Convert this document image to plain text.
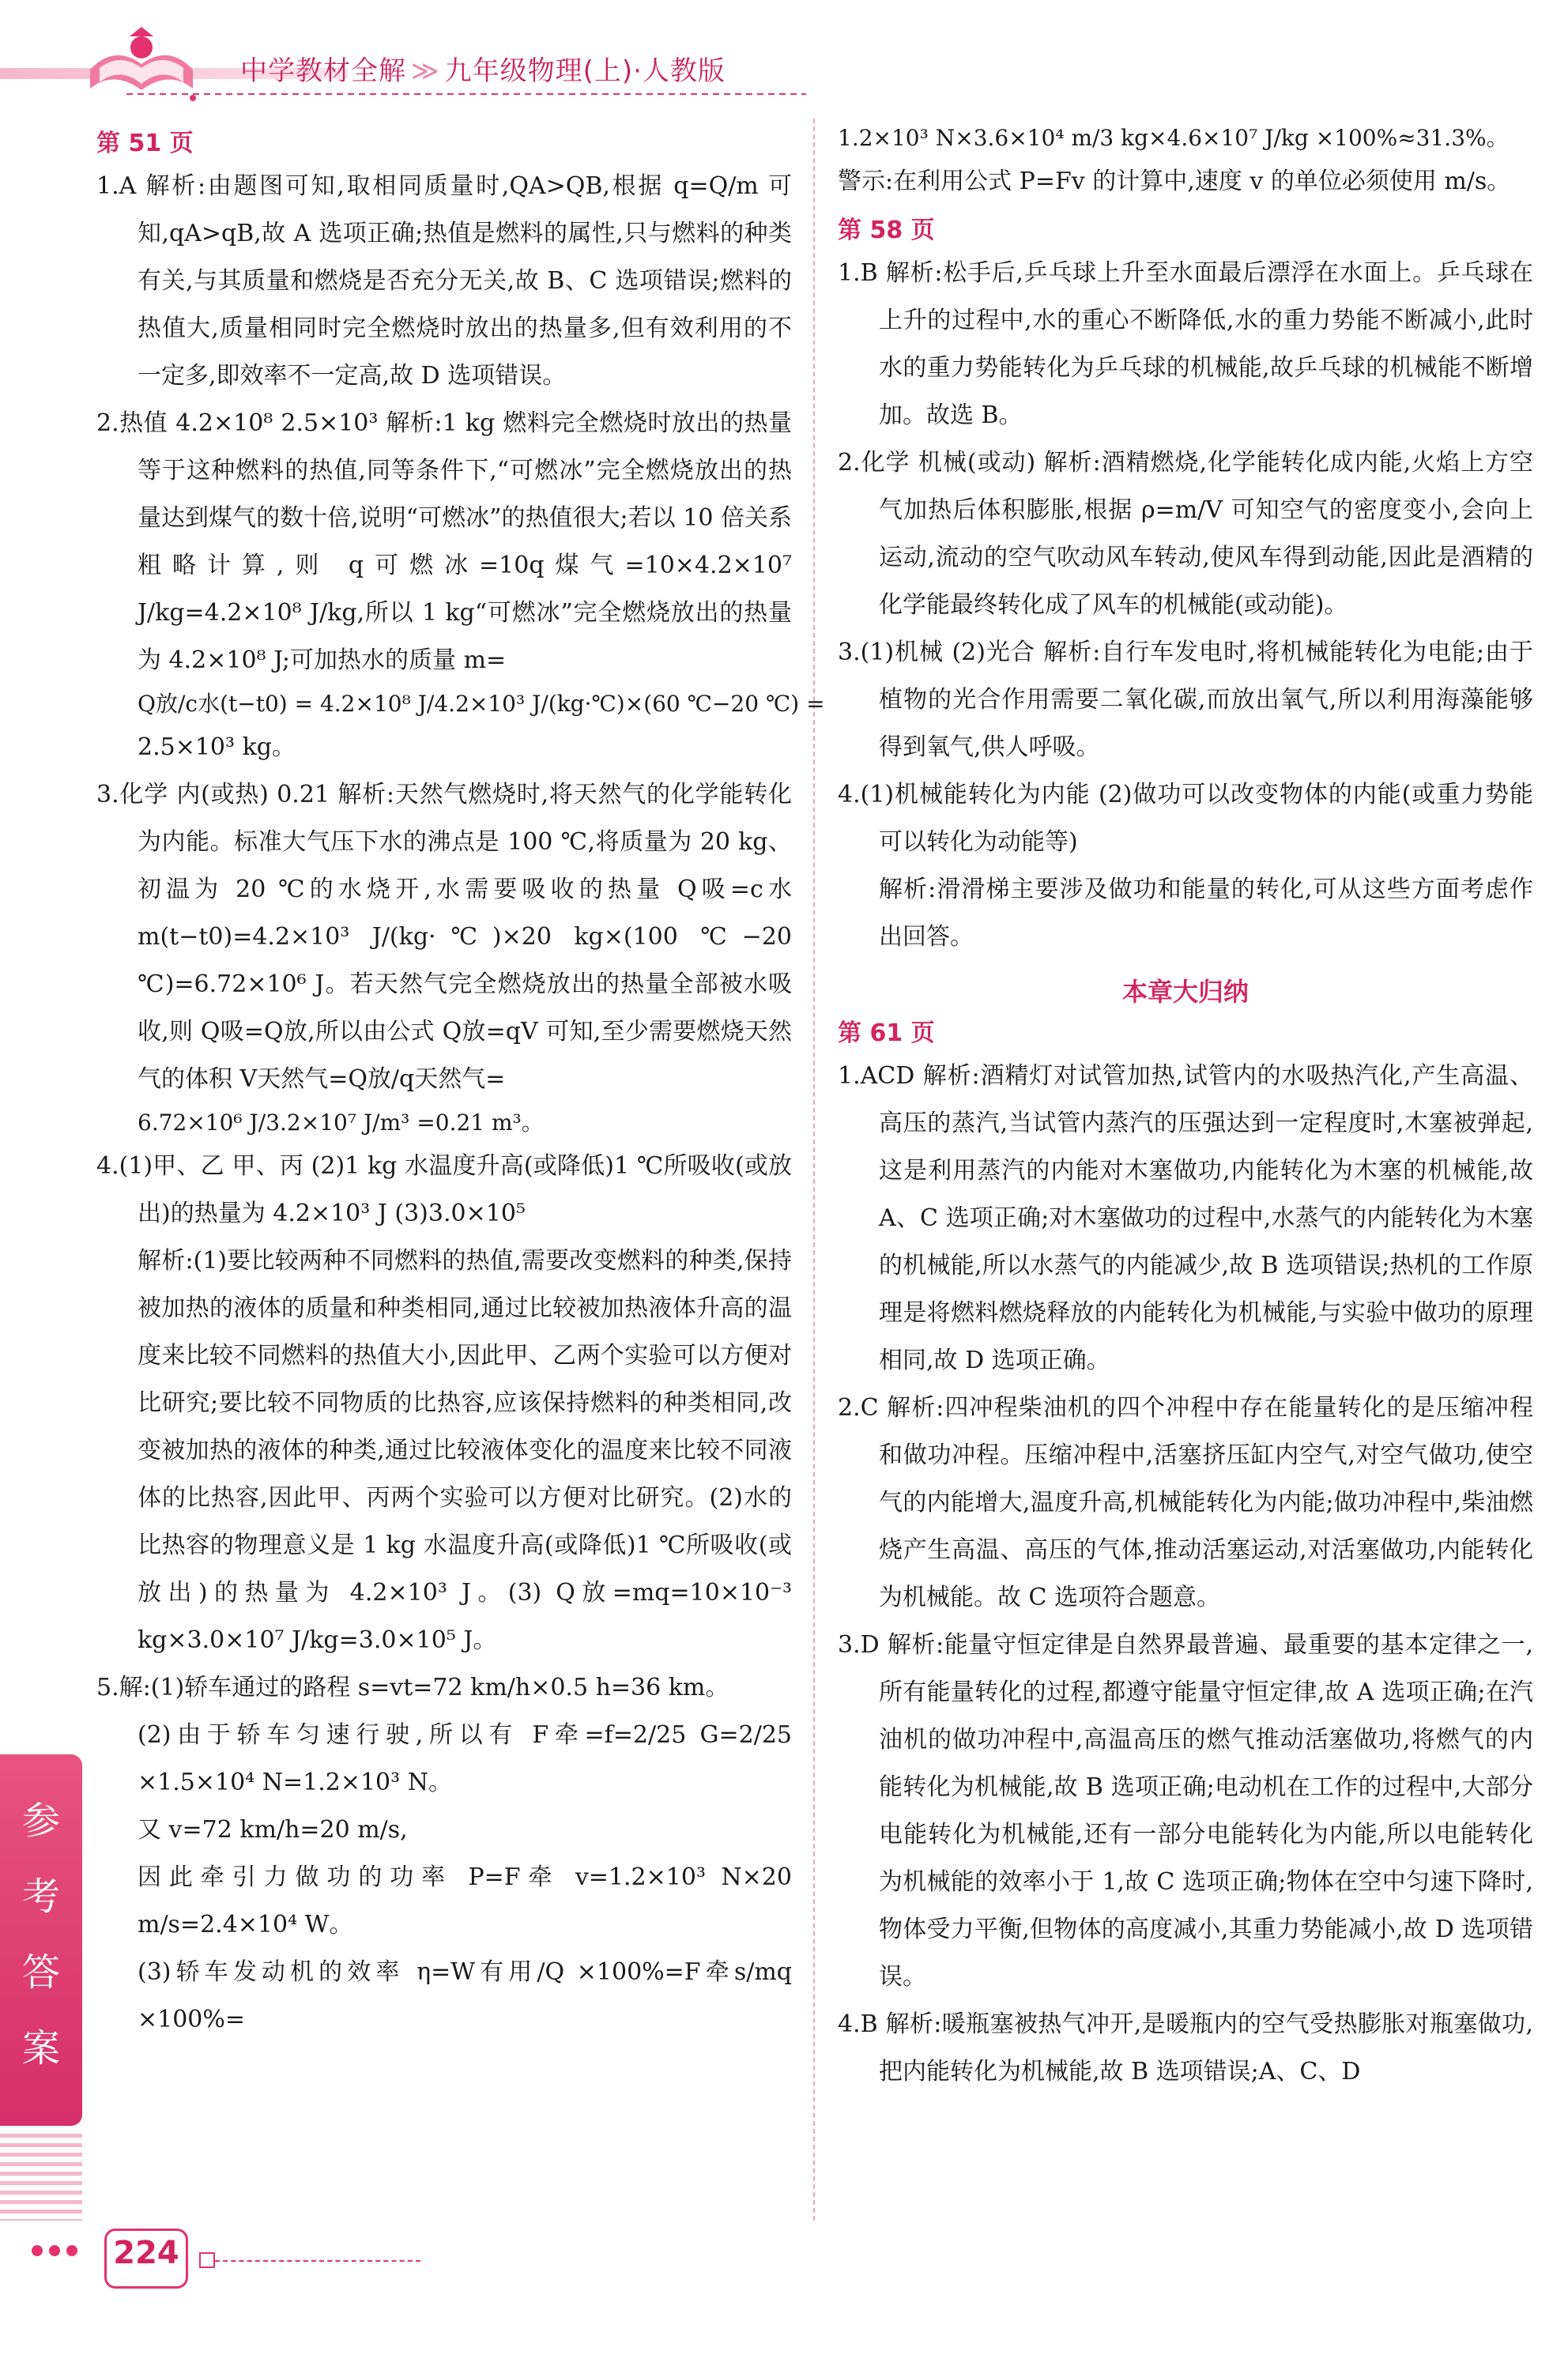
中学教材全解 ≫ 九年级物理(上)·人教版
第 51 页

1.A 解析:由题图可知,取相同质量时,QA>QB,根据 q=Q/m 可知,qA>qB,故 A 选项正确;热值是燃料的属性,只与燃料的种类有关,与其质量和燃烧是否充分无关,故 B、C 选项错误;燃料的热值大,质量相同时完全燃烧时放出的热量多,但有效利用的不一定多,即效率不一定高,故 D 选项错误。

2.热值 4.2×10⁸ 2.5×10³ 解析:1 kg 燃料完全燃烧时放出的热量等于这种燃料的热值,同等条件下,“可燃冰”完全燃烧放出的热量达到煤气的数十倍,说明“可燃冰”的热值很大;若以 10 倍关系粗略计算,则 q可燃冰=10q煤气=10×4.2×10⁷ J/kg=4.2×10⁸ J/kg,所以 1 kg“可燃冰”完全燃烧放出的热量为 4.2×10⁸ J;可加热水的质量 m=

Q放/c水(t−t0) = 4.2×10⁸ J/4.2×10³ J/(kg·℃)×(60 ℃−20 ℃) =

2.5×10³ kg。

3.化学 内(或热) 0.21 解析:天然气燃烧时,将天然气的化学能转化为内能。标准大气压下水的沸点是 100 ℃,将质量为 20 kg、初温为 20 ℃的水烧开,水需要吸收的热量 Q吸=c水 m(t−t0)=4.2×10³ J/(kg·℃)×20 kg×(100 ℃−20 ℃)=6.72×10⁶ J。若天然气完全燃烧放出的热量全部被水吸收,则 Q吸=Q放,所以由公式 Q放=qV 可知,至少需要燃烧天然气的体积 V天然气=Q放/q天然气=

6.72×10⁶ J/3.2×10⁷ J/m³ =0.21 m³。

4.(1)甲、乙 甲、丙 (2)1 kg 水温度升高(或降低)1 ℃所吸收(或放出)的热量为 4.2×10³ J (3)3.0×10⁵

解析:(1)要比较两种不同燃料的热值,需要改变燃料的种类,保持被加热的液体的质量和种类相同,通过比较被加热液体升高的温度来比较不同燃料的热值大小,因此甲、乙两个实验可以方便对比研究;要比较不同物质的比热容,应该保持燃料的种类相同,改变被加热的液体的种类,通过比较液体变化的温度来比较不同液体的比热容,因此甲、丙两个实验可以方便对比研究。(2)水的比热容的物理意义是 1 kg 水温度升高(或降低)1 ℃所吸收(或放出)的热量为 4.2×10³ J。(3) Q放=mq=10×10⁻³ kg×3.0×10⁷ J/kg=3.0×10⁵ J。

5.解:(1)轿车通过的路程 s=vt=72 km/h×0.5 h=36 km。

(2)由于轿车匀速行驶,所以有 F牵=f=2/25 G=2/25 ×1.5×10⁴ N=1.2×10³ N。

又 v=72 km/h=20 m/s,

因此牵引力做功的功率 P=F牵 v=1.2×10³ N×20 m/s=2.4×10⁴ W。

(3)轿车发动机的效率 η=W有用/Q ×100%=F牵s/mq ×100%=

1.2×10³ N×3.6×10⁴ m/3 kg×4.6×10⁷ J/kg ×100%≈31.3%。

警示:在利用公式 P=Fv 的计算中,速度 v 的单位必须使用 m/s。

第 58 页

1.B 解析:松手后,乒乓球上升至水面最后漂浮在水面上。乒乓球在上升的过程中,水的重心不断降低,水的重力势能不断减小,此时水的重力势能转化为乒乓球的机械能,故乒乓球的机械能不断增加。故选 B。

2.化学 机械(或动) 解析:酒精燃烧,化学能转化成内能,火焰上方空气加热后体积膨胀,根据 ρ=m/V 可知空气的密度变小,会向上运动,流动的空气吹动风车转动,使风车得到动能,因此是酒精的化学能最终转化成了风车的机械能(或动能)。

3.(1)机械 (2)光合 解析:自行车发电时,将机械能转化为电能;由于植物的光合作用需要二氧化碳,而放出氧气,所以利用海藻能够得到氧气,供人呼吸。

4.(1)机械能转化为内能 (2)做功可以改变物体的内能(或重力势能可以转化为动能等)

解析:滑滑梯主要涉及做功和能量的转化,可从这些方面考虑作出回答。

本章大归纳
第 61 页

1.ACD 解析:酒精灯对试管加热,试管内的水吸热汽化,产生高温、高压的蒸汽,当试管内蒸汽的压强达到一定程度时,木塞被弹起,这是利用蒸汽的内能对木塞做功,内能转化为木塞的机械能,故 A、C 选项正确;对木塞做功的过程中,水蒸气的内能转化为木塞的机械能,所以水蒸气的内能减少,故 B 选项错误;热机的工作原理是将燃料燃烧释放的内能转化为机械能,与实验中做功的原理相同,故 D 选项正确。

2.C 解析:四冲程柴油机的四个冲程中存在能量转化的是压缩冲程和做功冲程。压缩冲程中,活塞挤压缸内空气,对空气做功,使空气的内能增大,温度升高,机械能转化为内能;做功冲程中,柴油燃烧产生高温、高压的气体,推动活塞运动,对活塞做功,内能转化为机械能。故 C 选项符合题意。

3.D 解析:能量守恒定律是自然界最普遍、最重要的基本定律之一,所有能量转化的过程,都遵守能量守恒定律,故 A 选项正确;在汽油机的做功冲程中,高温高压的燃气推动活塞做功,将燃气的内能转化为机械能,故 B 选项正确;电动机在工作的过程中,大部分电能转化为机械能,还有一部分电能转化为内能,所以电能转化为机械能的效率小于 1,故 C 选项正确;物体在空中匀速下降时,物体受力平衡,但物体的高度减小,其重力势能减小,故 D 选项错误。

4.B 解析:暖瓶塞被热气冲开,是暖瓶内的空气受热膨胀对瓶塞做功,把内能转化为机械能,故 B 选项错误;A、C、D

参考答案
224
